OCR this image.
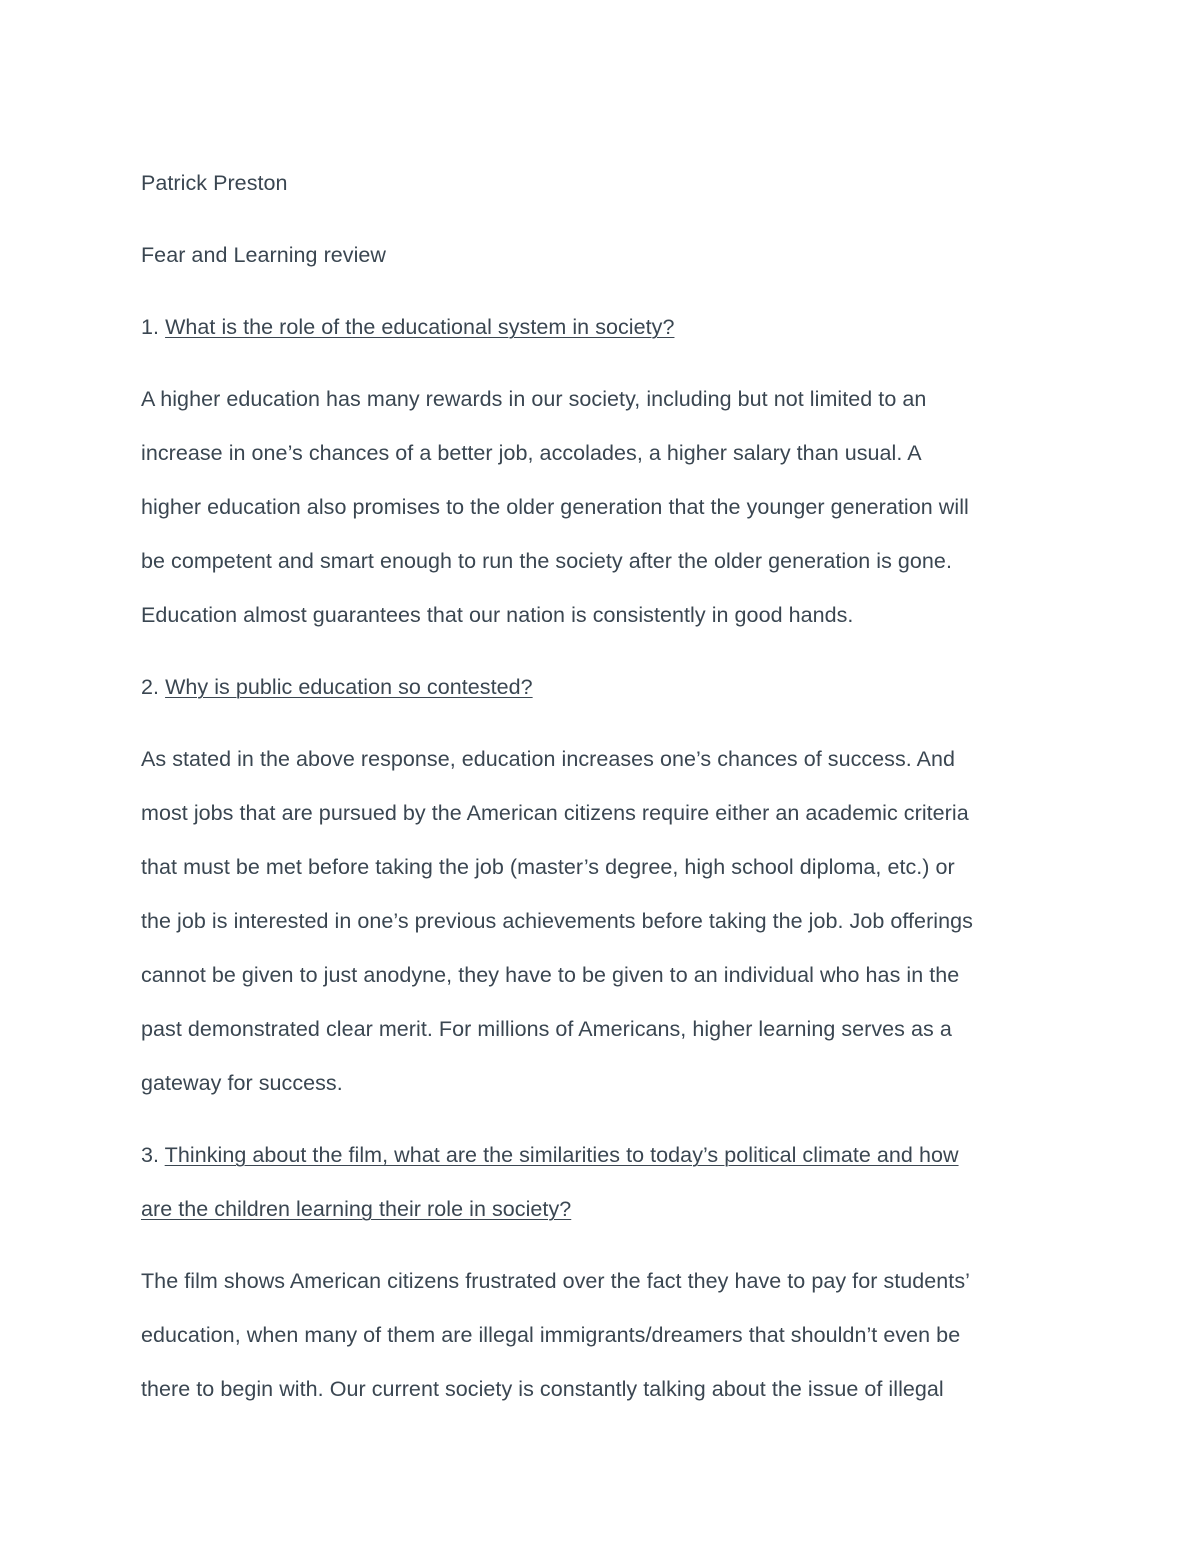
Patrick Preston
Fear and Learning review
1. What is the role of the educational system in society?
A higher education has many rewards in our society, including but not limited to an
increase in one’s chances of a better job, accolades, a higher salary than usual. A
higher education also promises to the older generation that the younger generation will
be competent and smart enough to run the society after the older generation is gone.
Education almost guarantees that our nation is consistently in good hands.
2. Why is public education so contested?
As stated in the above response, education increases one’s chances of success. And
most jobs that are pursued by the American citizens require either an academic criteria
that must be met before taking the job (master’s degree, high school diploma, etc.) or
the job is interested in one’s previous achievements before taking the job. Job offerings
cannot be given to just anodyne, they have to be given to an individual who has in the
past demonstrated clear merit. For millions of Americans, higher learning serves as a
gateway for success.
3. Thinking about the film, what are the similarities to today’s political climate and how
are the children learning their role in society?
The film shows American citizens frustrated over the fact they have to pay for students’
education, when many of them are illegal immigrants/dreamers that shouldn’t even be
there to begin with. Our current society is constantly talking about the issue of illegal
